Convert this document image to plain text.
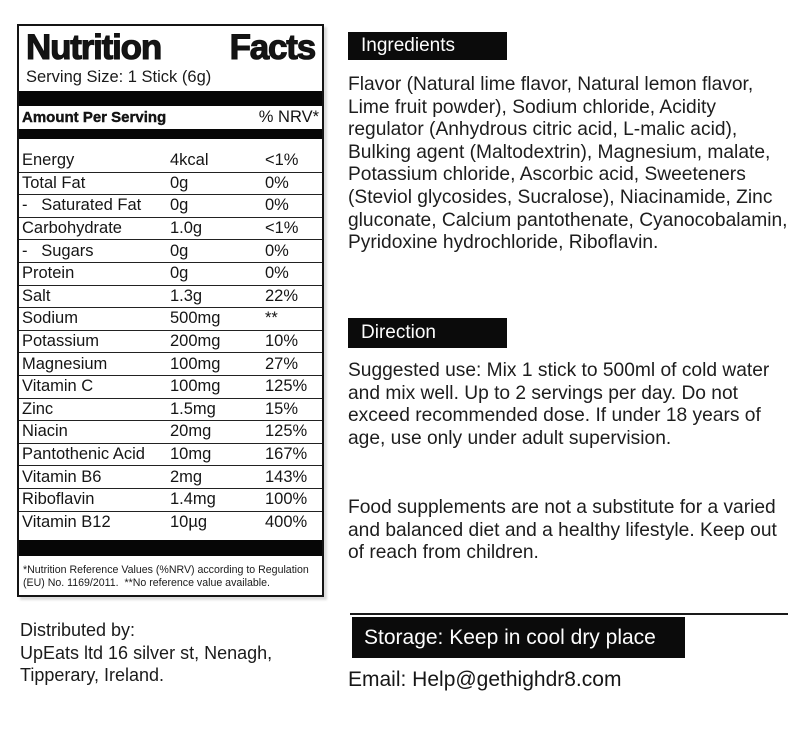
Nutrition Facts
Serving Size: 1 Stick (6g)
Amount Per Serving	% NRV*
Energy	4kcal	<1%
Total Fat	0g	0%
-   Saturated Fat	0g	0%
Carbohydrate	1.0g	<1%
-   Sugars	0g	0%
Protein	0g	0%
Salt	1.3g	22%
Sodium	500mg	**
Potassium	200mg	10%
Magnesium	100mg	27%
Vitamin C	100mg	125%
Zinc	1.5mg	15%
Niacin	20mg	125%
Pantothenic Acid	10mg	167%
Vitamin B6	2mg	143%
Riboflavin	1.4mg	100%
Vitamin B12	10µg	400%
*Nutrition Reference Values (%NRV) according to Regulation
(EU) No. 1169/2011.  **No reference value available.
Distributed by:
UpEats ltd 16 silver st, Nenagh,
Tipperary, Ireland.
Ingredients
Flavor (Natural lime flavor, Natural lemon flavor, Lime fruit powder), Sodium chloride, Acidity regulator (Anhydrous citric acid, L-malic acid), Bulking agent (Maltodextrin), Magnesium, malate, Potassium chloride, Ascorbic acid, Sweeteners (Steviol glycosides, Sucralose), Niacinamide, Zinc gluconate, Calcium pantothenate, Cyanocobalamin, Pyridoxine hydrochloride, Riboflavin.
Direction
Suggested use: Mix 1 stick to 500ml of cold water and mix well. Up to 2 servings per day. Do not exceed recommended dose. If under 18 years of age, use only under adult supervision.
Food supplements are not a substitute for a varied and balanced diet and a healthy lifestyle. Keep out of reach from children.
Storage: Keep in cool dry place
Email: Help@gethighdr8.com
